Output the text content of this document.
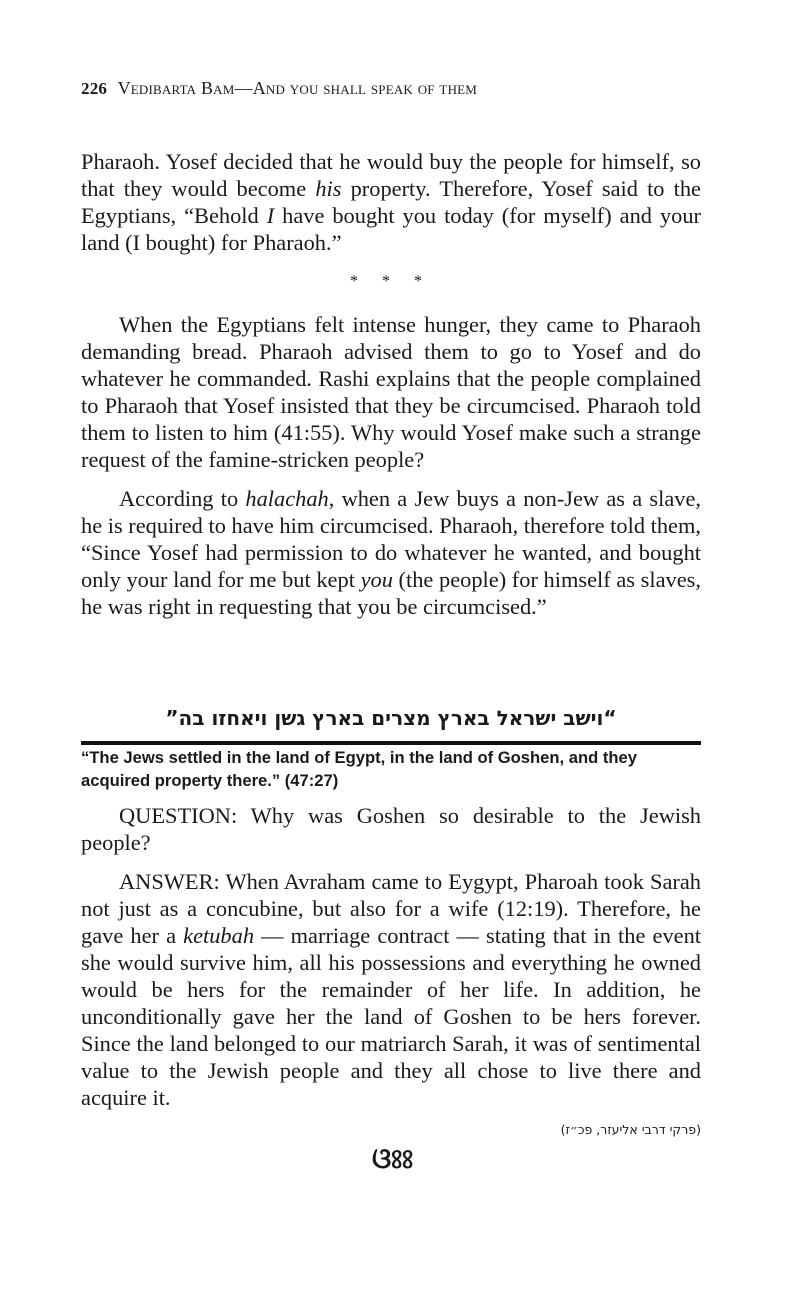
226 Vedibarta Bam—And you shall speak of them

Pharaoh. Yosef decided that he would buy the people for himself, so that they would become his property. Therefore, Yosef said to the Egyptians, “Behold I have bought you today (for myself) and your land (I bought) for Pharaoh.”

* * *

When the Egyptians felt intense hunger, they came to Pharaoh demanding bread. Pharaoh advised them to go to Yosef and do whatever he commanded. Rashi explains that the people complained to Pharaoh that Yosef insisted that they be circumcised. Pharaoh told them to listen to him (41:55). Why would Yosef make such a strange request of the famine-stricken people?

According to halachah, when a Jew buys a non-Jew as a slave, he is required to have him circumcised. Pharaoh, therefore told them, “Since Yosef had permission to do whatever he wanted, and bought only your land for me but kept you (the people) for himself as slaves, he was right in requesting that you be circumcised.”

“וישב ישראל בארץ מצרים בארץ גשן ויאחזו בה”
“The Jews settled in the land of Egypt, in the land of Goshen, and they acquired property there.” (47:27)

QUESTION: Why was Goshen so desirable to the Jewish people?

ANSWER: When Avraham came to Eygypt, Pharoah took Sarah not just as a concubine, but also for a wife (12:19). Therefore, he gave her a ketubah — marriage contract — stating that in the event she would survive him, all his possessions and everything he owned would be hers for the remainder of her life. In addition, he unconditionally gave her the land of Goshen to be hers forever. Since the land belonged to our matriarch Sarah, it was of sentimental value to the Jewish people and they all chose to live there and acquire it.

(פרקי דרבי אליעזר, פכ״ז)
ଓଃଃ
